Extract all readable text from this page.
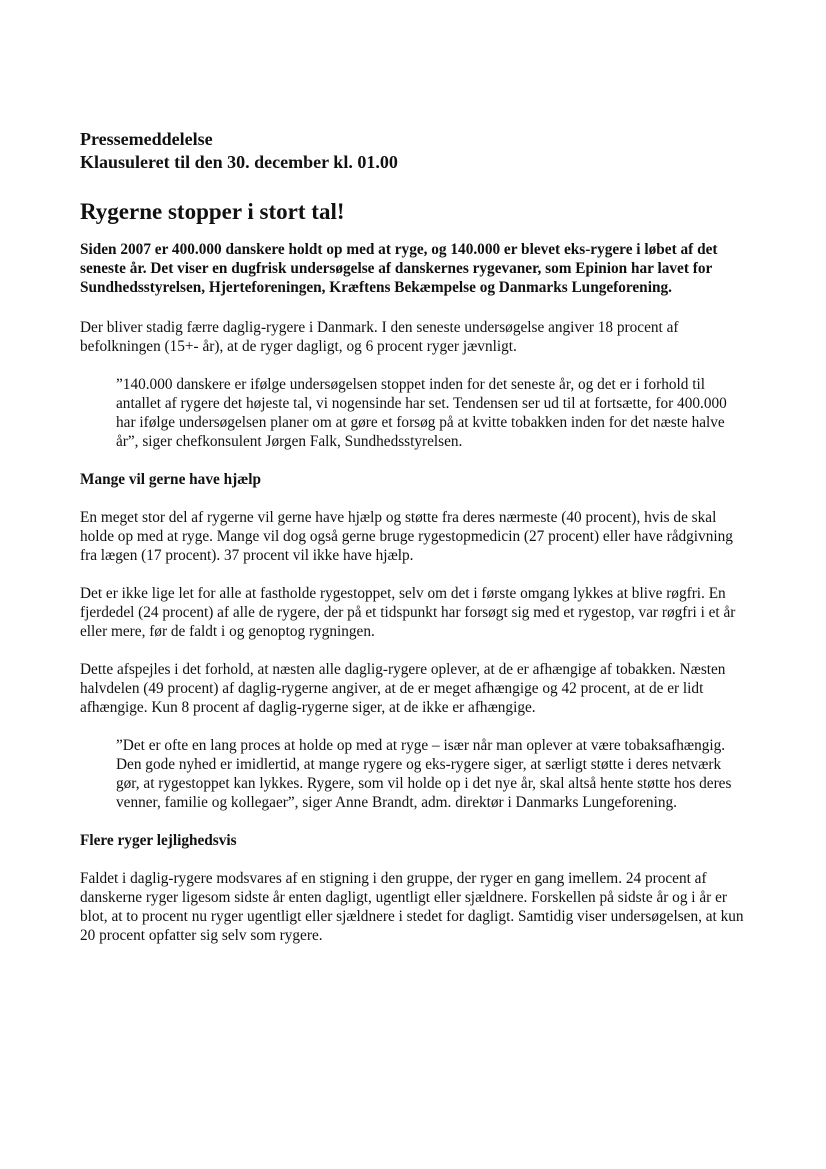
Pressemeddelelse

Klausuleret til den 30. december kl. 01.00

Rygerne stopper i stort tal!

Siden 2007 er 400.000 danskere holdt op med at ryge, og 140.000 er blevet eks-rygere i løbet af det seneste år. Det viser en dugfrisk undersøgelse af danskernes rygevaner, som Epinion har lavet for Sundhedsstyrelsen, Hjerteforeningen, Kræftens Bekæmpelse og Danmarks Lungeforening.

Der bliver stadig færre daglig-rygere i Danmark. I den seneste undersøgelse angiver 18 procent af befolkningen (15+- år), at de ryger dagligt, og 6 procent ryger jævnligt.

”140.000 danskere er ifølge undersøgelsen stoppet inden for det seneste år, og det er i forhold til antallet af rygere det højeste tal, vi nogensinde har set. Tendensen ser ud til at fortsætte, for 400.000 har ifølge undersøgelsen planer om at gøre et forsøg på at kvitte tobakken inden for det næste halve år”, siger chefkonsulent Jørgen Falk, Sundhedsstyrelsen.

Mange vil gerne have hjælp

En meget stor del af rygerne vil gerne have hjælp og støtte fra deres nærmeste (40 procent), hvis de skal holde op med at ryge. Mange vil dog også gerne bruge rygestopmedicin (27 procent) eller have rådgivning fra lægen (17 procent). 37 procent vil ikke have hjælp.

Det er ikke lige let for alle at fastholde rygestoppet, selv om det i første omgang lykkes at blive røgfri. En fjerdedel (24 procent) af alle de rygere, der på et tidspunkt har forsøgt sig med et rygestop, var røgfri i et år eller mere, før de faldt i og genoptog rygningen.

Dette afspejles i det forhold, at næsten alle daglig-rygere oplever, at de er afhængige af tobakken. Næsten halvdelen (49 procent) af daglig-rygerne angiver, at de er meget afhængige og 42 procent, at de er lidt afhængige. Kun 8 procent af daglig-rygerne siger, at de ikke er afhængige.

”Det er ofte en lang proces at holde op med at ryge – især når man oplever at være tobaksafhængig. Den gode nyhed er imidlertid, at mange rygere og eks-rygere siger, at særligt støtte i deres netværk gør, at rygestoppet kan lykkes. Rygere, som vil holde op i det nye år, skal altså hente støtte hos deres venner, familie og kollegaer”, siger Anne Brandt, adm. direktør i Danmarks Lungeforening.

Flere ryger lejlighedsvis

Faldet i daglig-rygere modsvares af en stigning i den gruppe, der ryger en gang imellem. 24 procent af danskerne ryger ligesom sidste år enten dagligt, ugentligt eller sjældnere. Forskellen på sidste år og i år er blot, at to procent nu ryger ugentligt eller sjældnere i stedet for dagligt. Samtidig viser undersøgelsen, at kun 20 procent opfatter sig selv som rygere.
